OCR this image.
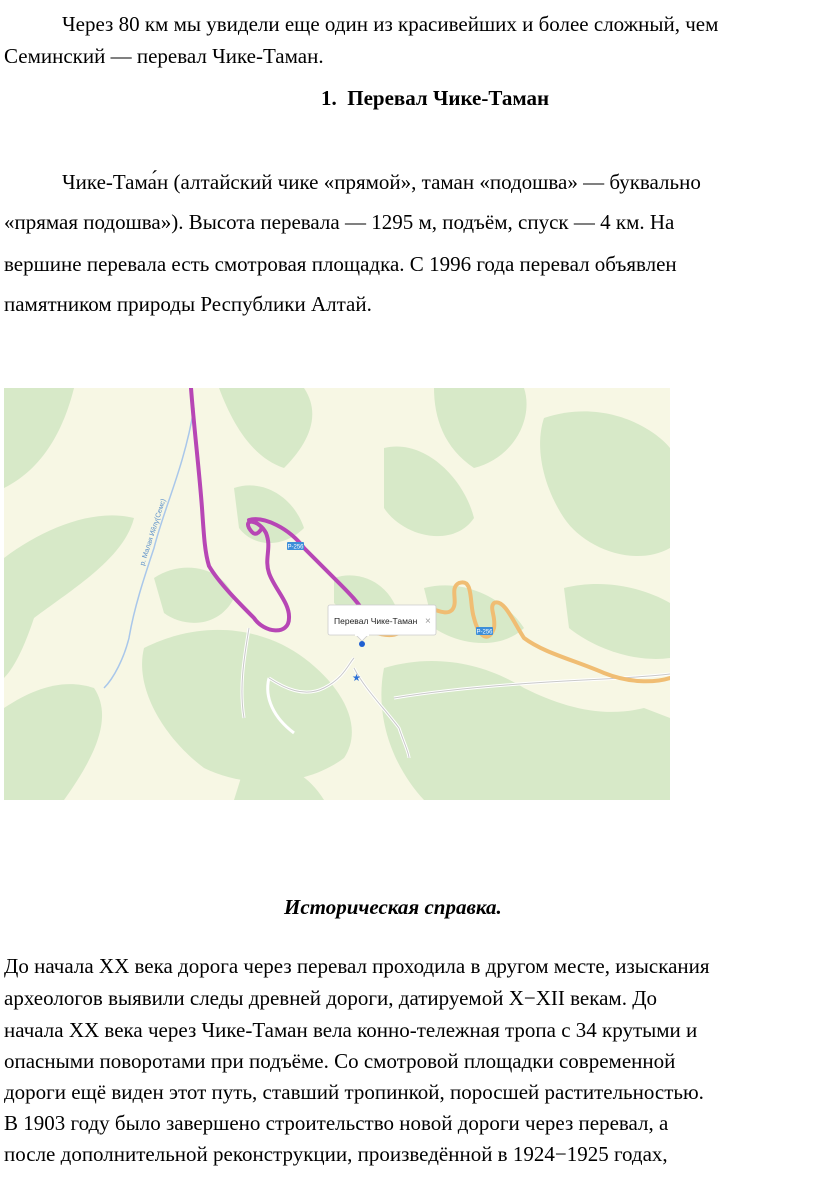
Через 80 км мы увидели еще один из красивейших и более сложный, чем
Семинский — перевал Чике-Таман.
1. Перевал Чике-Таман
Чике-Тама́н (алтайский чике «прямой», таман «подошва» — буквально
«прямая подошва»). Высота перевала — 1295 м, подъём, спуск — 4 км. На
вершине перевала есть смотровая площадка. С 1996 года перевал объявлен
памятником природы Республики Алтай.
р. Малая Ийлу(Семс)	Р-256
Р-256
Перевал Чике-Таман ×
★
Историческая справка.
До начала XX века дорога через перевал проходила в другом месте, изыскания
археологов выявили следы древней дороги, датируемой X−XII векам. До
начала XX века через Чике-Таман вела конно-тележная тропа с 34 крутыми и
опасными поворотами при подъёме. Со смотровой площадки современной
дороги ещё виден этот путь, ставший тропинкой, поросшей растительностью.
В 1903 году было завершено строительство новой дороги через перевал, а
после дополнительной реконструкции, произведённой в 1924−1925 годах,
